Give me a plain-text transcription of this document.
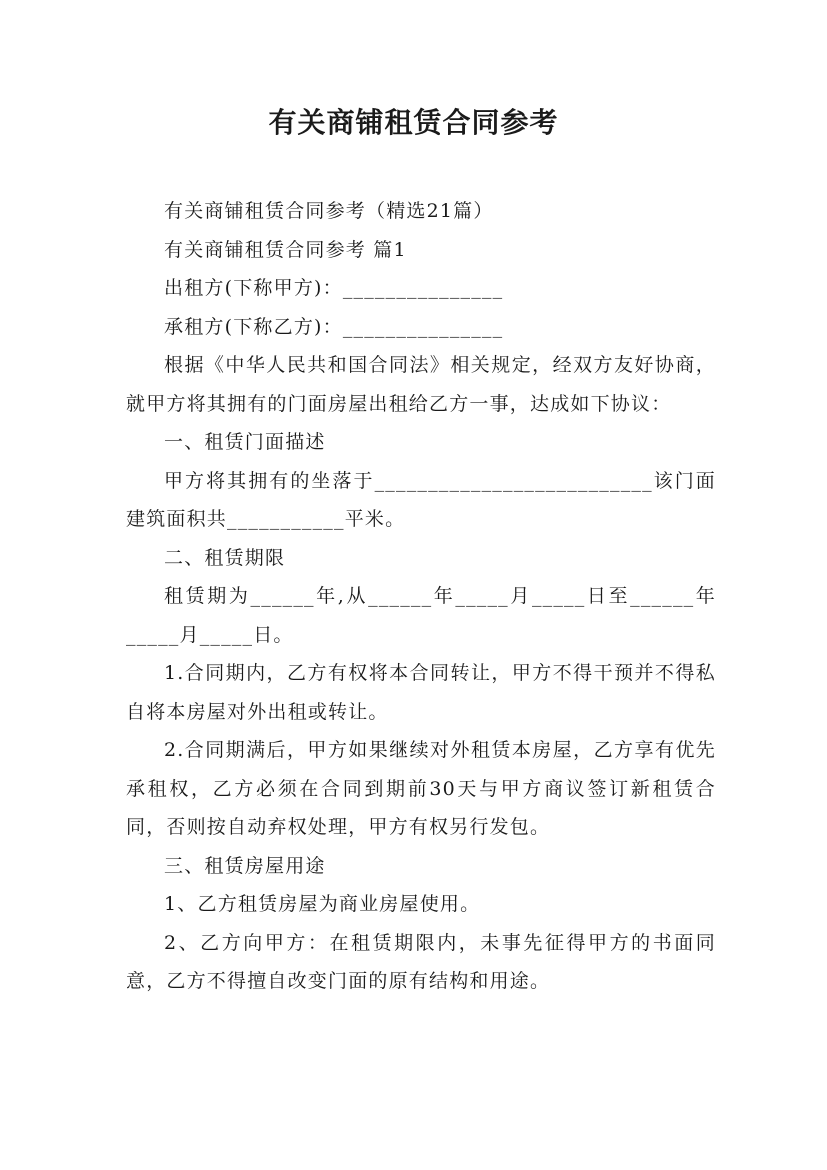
有关商铺租赁合同参考

有关商铺租赁合同参考（精选21篇）

有关商铺租赁合同参考 篇1

出租方(下称甲方)：_______________

承租方(下称乙方)：_______________

根据《中华人民共和国合同法》相关规定，经双方友好协商，就甲方将其拥有的门面房屋出租给乙方一事，达成如下协议：

一、租赁门面描述

甲方将其拥有的坐落于__________________________该门面建筑面积共___________平米。

二、租赁期限

租赁期为______年,从______年_____月_____日至______年_____月_____日。

1.合同期内，乙方有权将本合同转让，甲方不得干预并不得私自将本房屋对外出租或转让。

2.合同期满后，甲方如果继续对外租赁本房屋，乙方享有优先承租权，乙方必须在合同到期前30天与甲方商议签订新租赁合同，否则按自动弃权处理，甲方有权另行发包。

三、租赁房屋用途

1、乙方租赁房屋为商业房屋使用。

2、乙方向甲方：在租赁期限内，未事先征得甲方的书面同意，乙方不得擅自改变门面的原有结构和用途。
